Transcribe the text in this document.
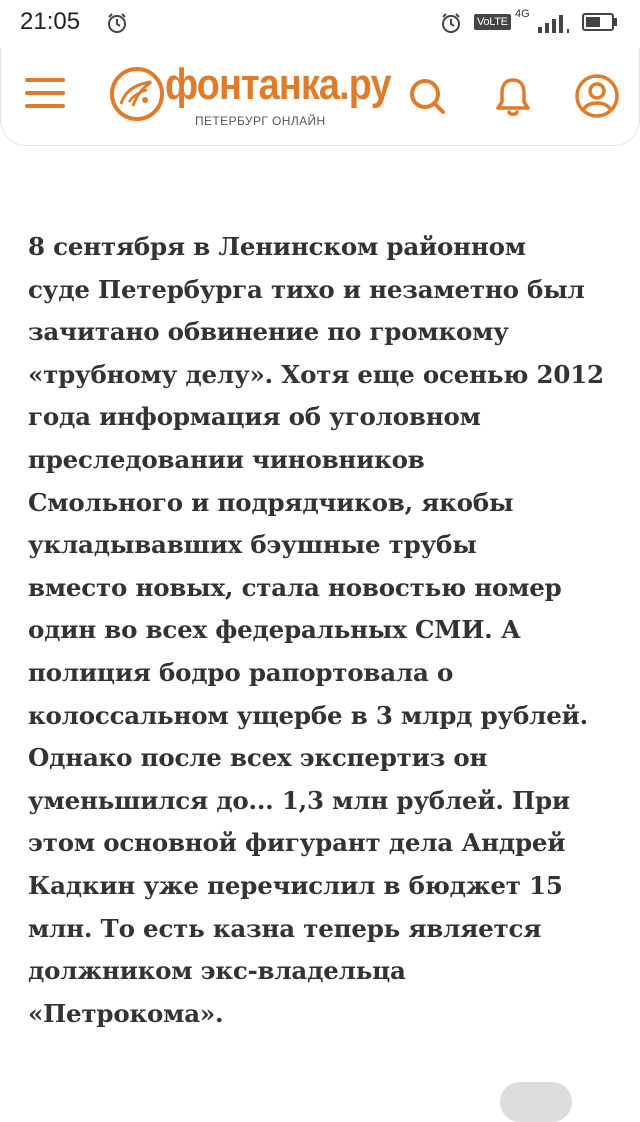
21:05	VoLTE
4G
фонтанка.ру
ПЕТЕРБУРГ ОНЛАЙН
8 сентября в Ленинском районном
суде Петербурга тихо и незаметно был
зачитано обвинение по громкому
«трубному делу». Хотя еще осенью 2012
года информация об уголовном
преследовании чиновников
Смольного и подрядчиков, якобы
укладывавших бэушные трубы
вместо новых, стала новостью номер
один во всех федеральных СМИ. А
полиция бодро рапортовала о
колоссальном ущербе в 3 млрд рублей.
Однако после всех экспертиз он
уменьшился до... 1,3 млн рублей. При
этом основной фигурант дела Андрей
Кадкин уже перечислил в бюджет 15
млн. То есть казна теперь является
должником экс-владельца
«Петрокома».
